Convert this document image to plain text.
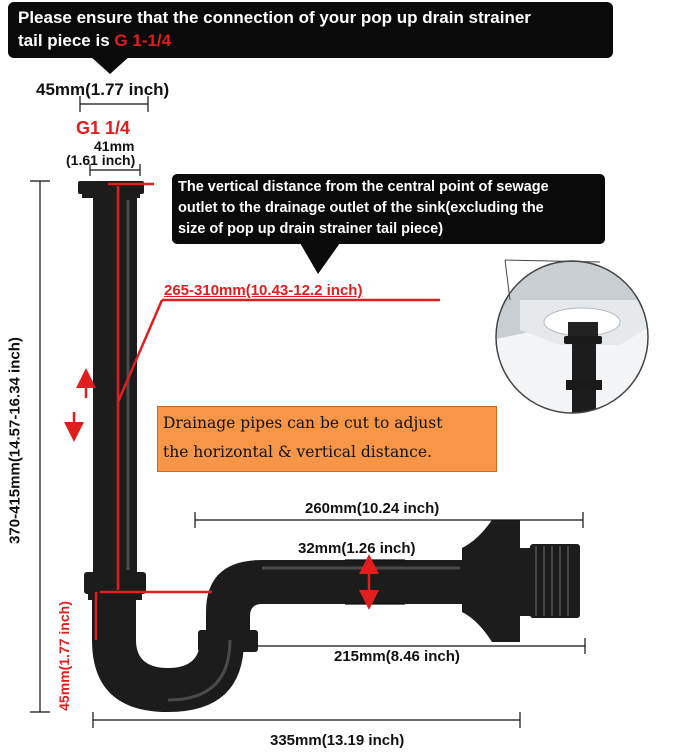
Please ensure that the connection of your pop up drain strainer
tail piece is G 1-1/4
The vertical distance from the central point of sewage
outlet to the drainage outlet of the sink(excluding the
size of pop up drain strainer tail piece)
45mm(1.77 inch)
G1 1/4
41mm
(1.61 inch)
265-310mm(10.43-12.2 inch)
370-415mm(14.57-16.34 inch)
45mm(1.77 inch)
260mm(10.24 inch)
32mm(1.26 inch)
215mm(8.46 inch)
335mm(13.19 inch)
Drainage pipes can be cut to adjust
the horizontal & vertical distance.
